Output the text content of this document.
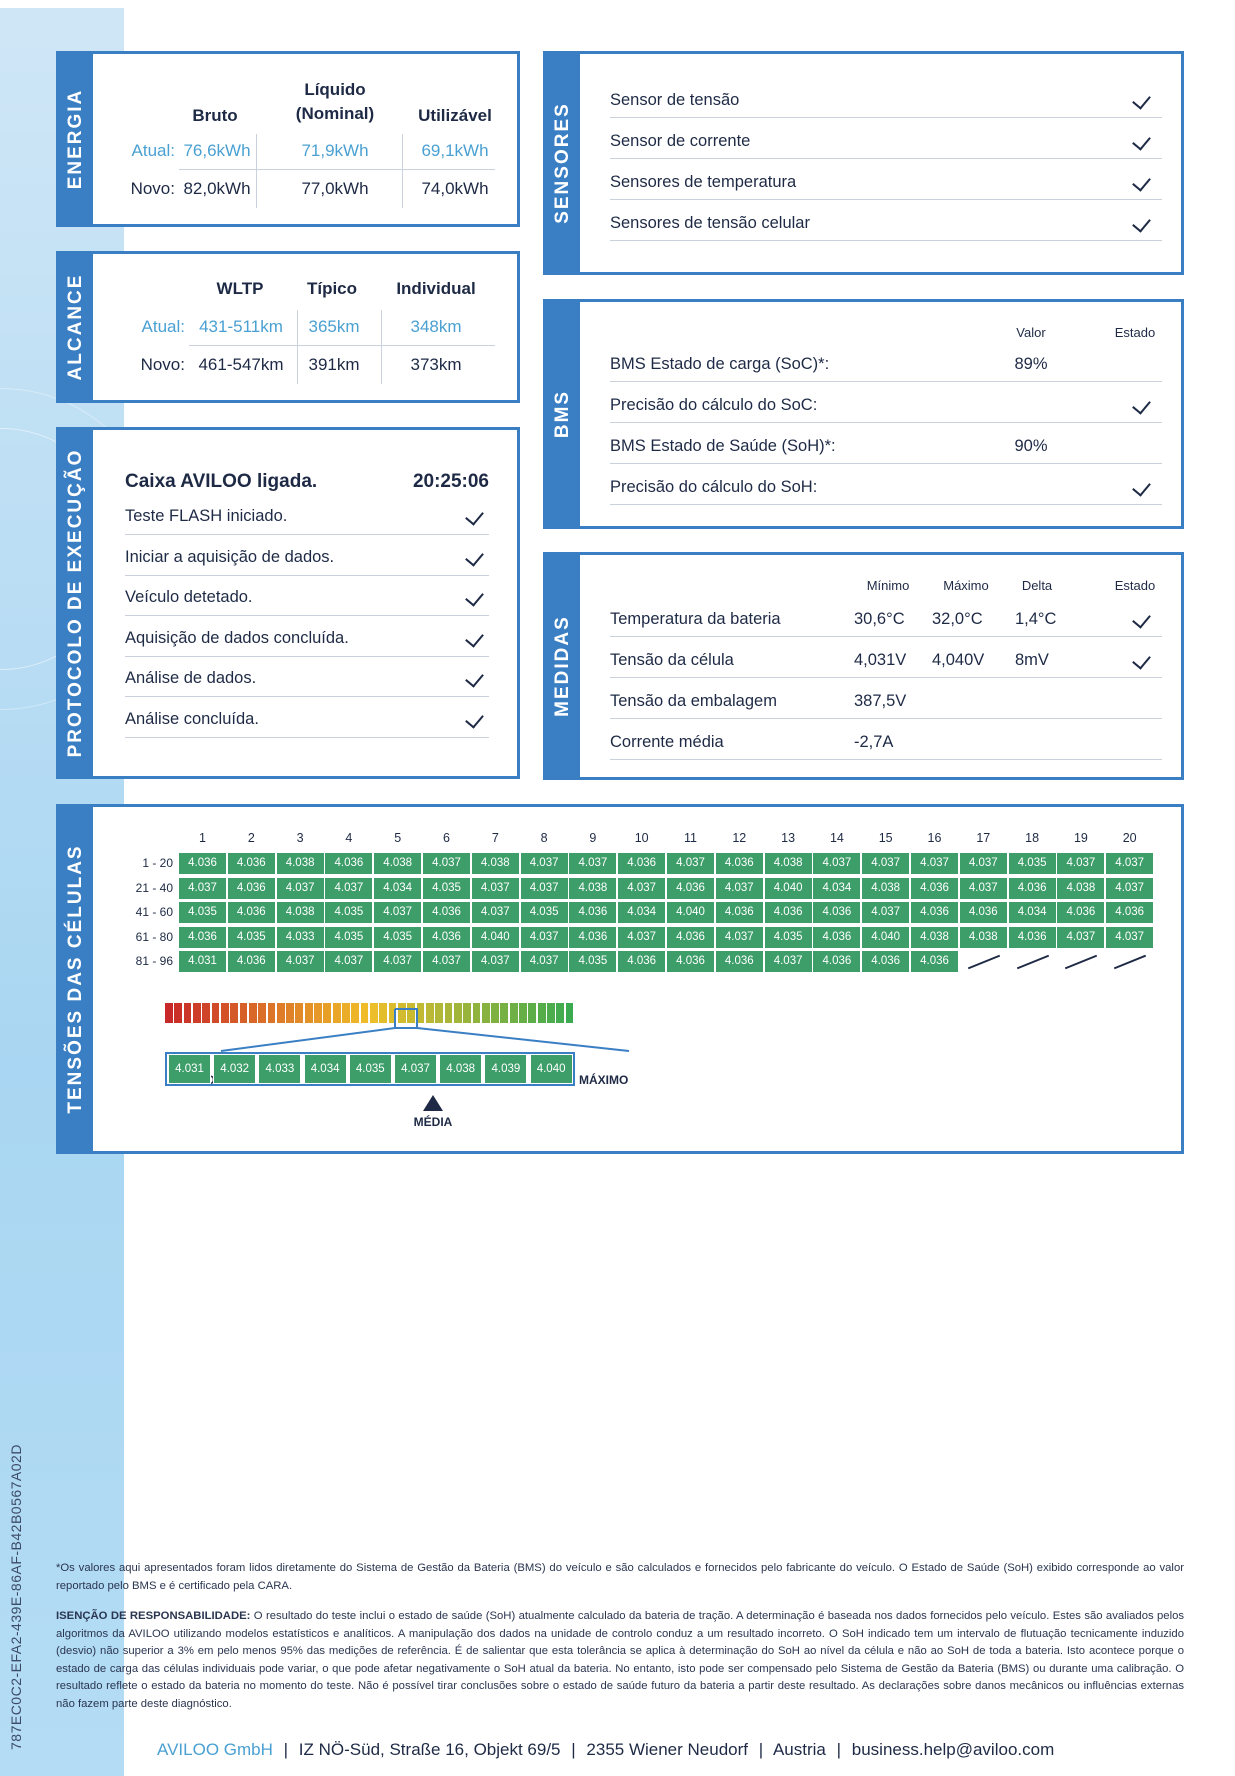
787EC0C2-EFA2-439E-86AF-B42B0567A02D
ENERGIA	Bruto
Líquido
(Nominal)	Utilizável
Atual: 76,6kWh	71,9kWh	69,1kWh
Novo: 82,0kWh	77,0kWh	74,0kWh
ALCANCE	WLTP	Típico	Individual
Atual: 431-511km	365km	348km
Novo: 461-547km	391km	373km
PROTOCOLO DE EXECUÇÃO Caixa AVILOO ligada.	20:25:06
Teste FLASH iniciado.
Iniciar a aquisição de dados.
Veículo detetado.
Aquisição de dados concluída.
Análise de dados.
Análise concluída.
SENSORES
Sensor de tensão
Sensor de corrente
Sensores de temperatura
Sensores de tensão celular
BMS
Valor	Estado
BMS Estado de carga (SoC)*:	89%
Precisão do cálculo do SoC:
BMS Estado de Saúde (SoH)*:	90%
Precisão do cálculo do SoH:
MEDIDAS
Mínimo	Máximo	Delta	Estado
Temperatura da bateria	30,6°C 32,0°C 1,4°C
Tensão da célula	4,031V 4,040V 8mV
Tensão da embalagem	387,5V
Corrente média	-2,7A
TENSÕES DAS CÉLULAS
1	2	3	4	5	6	7	8	9	10	11	12	13	14	15	16	17	18	19	20
1 - 20	4.036	4.036	4.038	4.036	4.038	4.037	4.038	4.037	4.037	4.036	4.037	4.036	4.038	4.037	4.037	4.037	4.037	4.035	4.037	4.037
21 - 40	4.037	4.036	4.037	4.037	4.034	4.035	4.037	4.037	4.038	4.037	4.036	4.037	4.040	4.034	4.038	4.036	4.037	4.036	4.038	4.037
41 - 60	4.035	4.036	4.038	4.035	4.037	4.036	4.037	4.035	4.036	4.034	4.040	4.036	4.036	4.036	4.037	4.036	4.036	4.034	4.036	4.036
61 - 80	4.036	4.035	4.033	4.035	4.035	4.036	4.040	4.037	4.036	4.037	4.036	4.037	4.035	4.036	4.040	4.038	4.038	4.036	4.037	4.037
81 - 96	4.031	4.036	4.037	4.037	4.037	4.037	4.037	4.037	4.035	4.036	4.036	4.036	4.037	4.036	4.036	4.036
MÁXIMO
4.031	4.032	4.033	4.034	4.035	4.037	4.038	4.039	4.040
MÉDIA
*Os valores aqui apresentados foram lidos diretamente do Sistema de Gestão da Bateria (BMS) do veículo e são calculados e fornecidos pelo fabricante do veículo. O Estado de Saúde (SoH) exibido corresponde ao valor reportado pelo BMS e é certificado pela CARA.
ISENÇÃO DE RESPONSABILIDADE: O resultado do teste inclui o estado de saúde (SoH) atualmente calculado da bateria de tração. A determinação é baseada nos dados fornecidos pelo veículo. Estes são avaliados pelos algoritmos da AVILOO utilizando modelos estatísticos e analíticos. A manipulação dos dados na unidade de controlo conduz a um resultado incorreto. O SoH indicado tem um intervalo de flutuação tecnicamente induzido (desvio) não superior a 3% em pelo menos 95% das medições de referência. É de salientar que esta tolerância se aplica à determinação do SoH ao nível da célula e não ao SoH de toda a bateria. Isto acontece porque o estado de carga das células individuais pode variar, o que pode afetar negativamente o SoH atual da bateria. No entanto, isto pode ser compensado pelo Sistema de Gestão da Bateria (BMS) ou durante uma calibração. O resultado reflete o estado da bateria no momento do teste. Não é possível tirar conclusões sobre o estado de saúde futuro da bateria a partir deste resultado. As declarações sobre danos mecânicos ou influências externas não fazem parte deste diagnóstico.
AVILOO GmbH | IZ NÖ-Süd, Straße 16, Objekt 69/5 | 2355 Wiener Neudorf | Austria | business.help@aviloo.com
